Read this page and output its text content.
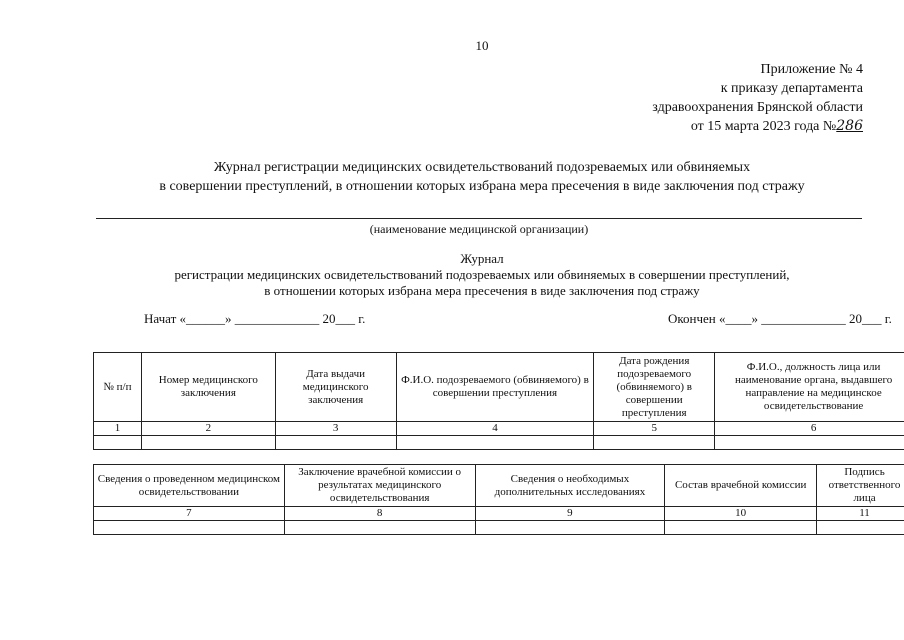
10
Приложение № 4
к приказу департамента
здравоохранения Брянской области
от 15 марта 2023 года №286
Журнал регистрации медицинских освидетельствований подозреваемых или обвиняемых
в совершении преступлений, в отношении которых избрана мера пресечения в виде заключения под стражу
(наименование медицинской организации)
Журнал
регистрации медицинских освидетельствований подозреваемых или обвиняемых в совершении преступлений,
в отношении которых избрана мера пресечения в виде заключения под стражу
Начат «______» _____________ 20___ г.	Окончен «____» _____________ 20___ г.
№ п/п	Номер медицинского заключения	Дата выдачи медицинского заключения	Ф.И.О. подозреваемого (обвиняемого) в совершении преступления	Дата рождения подозреваемого (обвиняемого) в совершении преступления	Ф.И.О., должность лица или наименование органа, выдавшего направление на медицинское освидетельствование
1	2	3	4	5	6

Сведения о проведенном медицинском освидетельствовании	Заключение врачебной комиссии о результатах медицинского освидетельствования	Сведения о необходимых дополнительных исследованиях	Состав врачебной комиссии	Подпись ответственного лица
7	8	9	10	11
